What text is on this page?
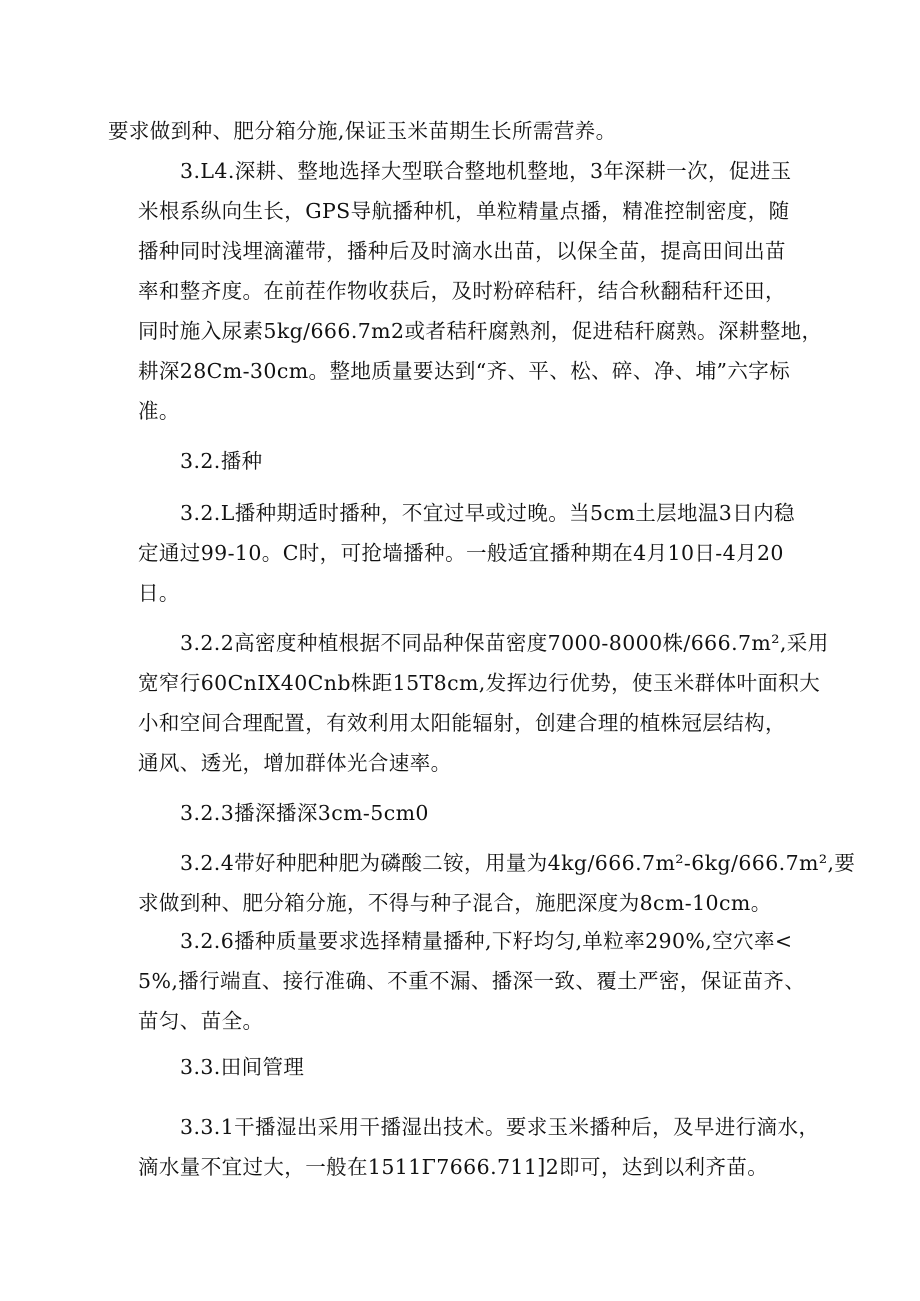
要求做到种、肥分箱分施,保证玉米苗期生长所需营养。
3.L4.深耕、整地选择大型联合整地机整地，3年深耕一次，促进玉
米根系纵向生长，GPS导航播种机，单粒精量点播，精准控制密度，随
播种同时浅埋滴灌带，播种后及时滴水出苗，以保全苗，提高田间出苗
率和整齐度。在前茬作物收获后，及时粉碎秸秆，结合秋翻秸秆还田，
同时施入尿素5kg/666.7m2或者秸秆腐熟剂，促进秸秆腐熟。深耕整地，
耕深28Cm-30cm。整地质量要达到“齐、平、松、碎、净、埔”六字标
准。
3.2.播种
3.2.L播种期适时播种，不宜过早或过晚。当5cm土层地温3日内稳
定通过99-10。C时，可抢墙播种。一般适宜播种期在4月10日-4月20
日。
3.2.2高密度种植根据不同品种保苗密度7000-8000株/666.7m²,采用
宽窄行60CnIX40Cnb株距15T8cm,发挥边行优势，使玉米群体叶面积大
小和空间合理配置，有效利用太阳能辐射，创建合理的植株冠层结构，
通风、透光，增加群体光合速率。
3.2.3播深播深3cm-5cm0
3.2.4带好种肥种肥为磷酸二铵，用量为4kg/666.7m²-6kg/666.7m²,要
求做到种、肥分箱分施，不得与种子混合，施肥深度为8cm-10cm。
3.2.6播种质量要求选择精量播种,下籽均匀,单粒率290%,空穴率<
5%,播行端直、接行准确、不重不漏、播深一致、覆土严密，保证苗齐、
苗匀、苗全。
3.3.田间管理
3.3.1干播湿出采用干播湿出技术。要求玉米播种后，及早进行滴水，
滴水量不宜过大，一般在1511Γ7666.711]2即可，达到以利齐苗。
